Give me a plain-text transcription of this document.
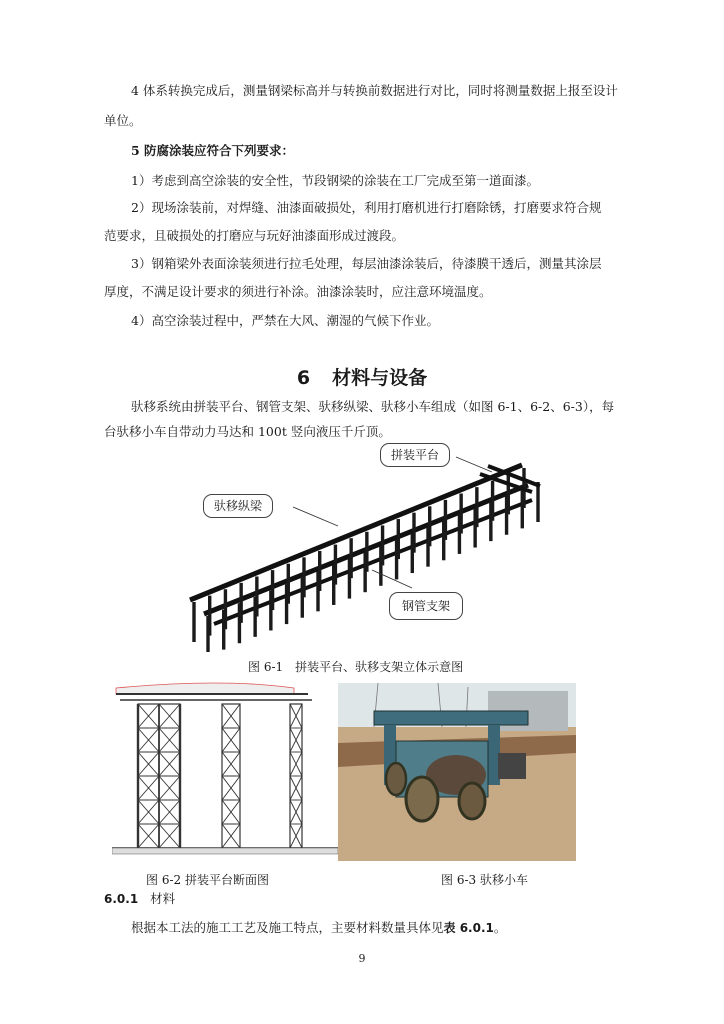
4 体系转换完成后，测量钢梁标高并与转换前数据进行对比，同时将测量数据上报至设计
单位。
5 防腐涂装应符合下列要求：
1）考虑到高空涂装的安全性，节段钢梁的涂装在工厂完成至第一道面漆。
2）现场涂装前，对焊缝、油漆面破损处，利用打磨机进行打磨除锈，打磨要求符合规
范要求，且破损处的打磨应与玩好油漆面形成过渡段。
3）钢箱梁外表面涂装须进行拉毛处理，每层油漆涂装后，待漆膜干透后，测量其涂层
厚度，不满足设计要求的须进行补涂。油漆涂装时，应注意环境温度。
4）高空涂装过程中，严禁在大风、潮湿的气候下作业。
6 材料与设备
驮移系统由拼装平台、钢管支架、驮移纵梁、驮移小车组成（如图 6-1、6-2、6-3），每
台驮移小车自带动力马达和 100t 竖向液压千斤顶。
拼装平台
驮移纵梁
钢管支架
图 6-1　拼装平台、驮移支架立体示意图
图 6-2 拼装平台断面图	图 6-3 驮移小车
6.0.1 材料
根据本工法的施工工艺及施工特点，主要材料数量具体见表 6.0.1。
9
